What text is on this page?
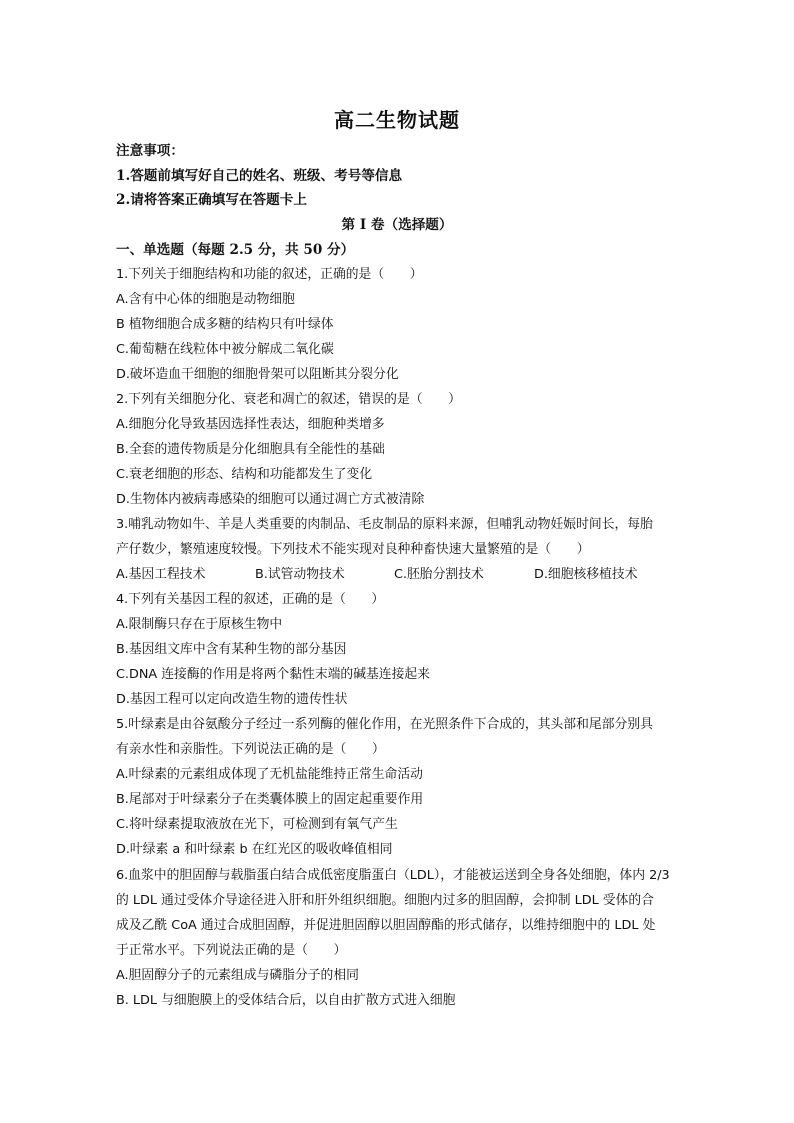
高二生物试题
注意事项：
1.答题前填写好自己的姓名、班级、考号等信息
2.请将答案正确填写在答题卡上
第 I 卷（选择题）
一、单选题（每题 2.5 分，共 50 分）
1.下列关于细胞结构和功能的叙述，正确的是（　　）
A.含有中心体的细胞是动物细胞
B 植物细胞合成多糖的结构只有叶绿体
C.葡萄糖在线粒体中被分解成二氧化碳
D.破坏造血干细胞的细胞骨架可以阻断其分裂分化
2.下列有关细胞分化、衰老和凋亡的叙述，错误的是（　　）
A.细胞分化导致基因选择性表达，细胞种类增多
B.全套的遗传物质是分化细胞具有全能性的基础
C.衰老细胞的形态、结构和功能都发生了变化
D.生物体内被病毒感染的细胞可以通过凋亡方式被清除
3.哺乳动物如牛、羊是人类重要的肉制品、毛皮制品的原料来源，但哺乳动物妊娠时间长，每胎
产仔数少，繁殖速度较慢。下列技术不能实现对良种种畜快速大量繁殖的是（　　）
A.基因工程技术	B.试管动物技术	C.胚胎分割技术	D.细胞核移植技术
4.下列有关基因工程的叙述，正确的是（　　）
A.限制酶只存在于原核生物中
B.基因组文库中含有某种生物的部分基因
C.DNA 连接酶的作用是将两个黏性末端的碱基连接起来
D.基因工程可以定向改造生物的遗传性状
5.叶绿素是由谷氨酸分子经过一系列酶的催化作用，在光照条件下合成的，其头部和尾部分别具
有亲水性和亲脂性。下列说法正确的是（　　）
A.叶绿素的元素组成体现了无机盐能维持正常生命活动
B.尾部对于叶绿素分子在类囊体膜上的固定起重要作用
C.将叶绿素提取液放在光下，可检测到有氧气产生
D.叶绿素 a 和叶绿素 b 在红光区的吸收峰值相同
6.血浆中的胆固醇与载脂蛋白结合成低密度脂蛋白（LDL），才能被运送到全身各处细胞，体内 2/3
的 LDL 通过受体介导途径进入肝和肝外组织细胞。细胞内过多的胆固醇，会抑制 LDL 受体的合
成及乙酰 CoA 通过合成胆固醇，并促进胆固醇以胆固醇酯的形式储存，以维持细胞中的 LDL 处
于正常水平。下列说法正确的是（　　）
A.胆固醇分子的元素组成与磷脂分子的相同
B. LDL 与细胞膜上的受体结合后，以自由扩散方式进入细胞
